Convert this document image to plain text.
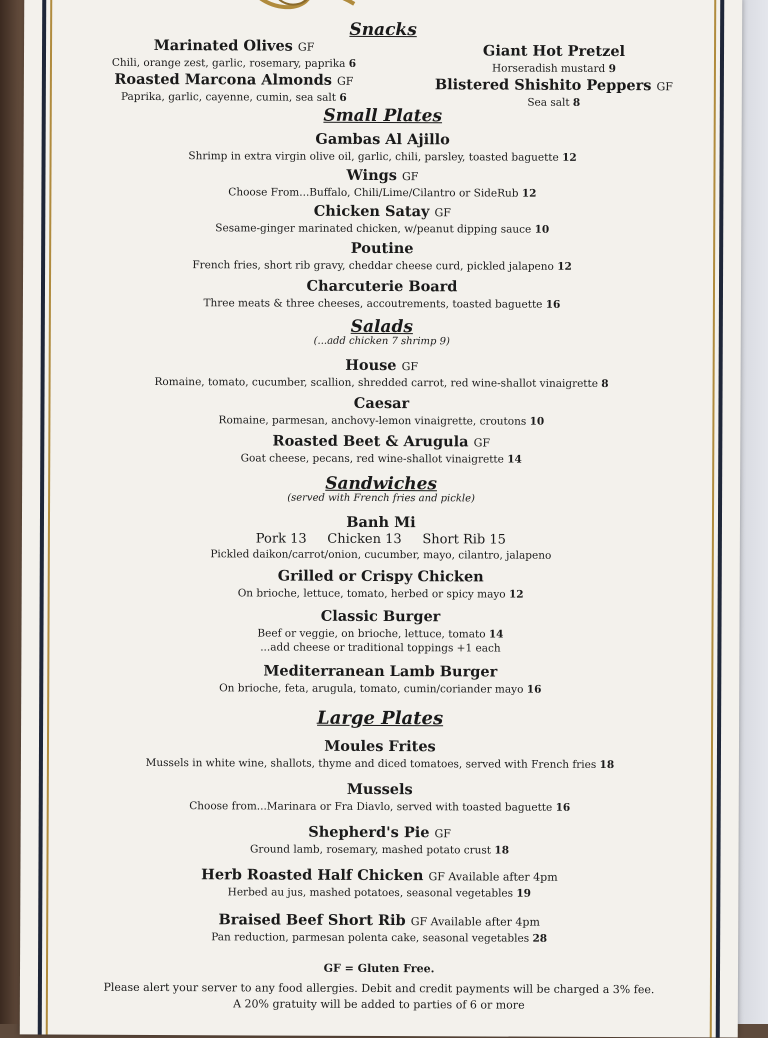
Snacks
Marinated Olives GF
Chili, orange zest, garlic, rosemary, paprika 6
Giant Hot Pretzel
Horseradish mustard 9
Roasted Marcona Almonds GF
Paprika, garlic, cayenne, cumin, sea salt 6
Blistered Shishito Peppers GF
Sea salt 8
Small Plates
Gambas Al Ajillo
Shrimp in extra virgin olive oil, garlic, chili, parsley, toasted baguette 12
Wings GF
Choose From...Buffalo, Chili/Lime/Cilantro or SideRub 12
Chicken Satay GF
Sesame-ginger marinated chicken, w/peanut dipping sauce 10
Poutine
French fries, short rib gravy, cheddar cheese curd, pickled jalapeno 12
Charcuterie Board
Three meats & three cheeses, accoutrements, toasted baguette 16
Salads
(...add chicken 7 shrimp 9)
House GF
Romaine, tomato, cucumber, scallion, shredded carrot, red wine-shallot vinaigrette 8
Caesar
Romaine, parmesan, anchovy-lemon vinaigrette, croutons 10
Roasted Beet & Arugula GF
Goat cheese, pecans, red wine-shallot vinaigrette 14
Sandwiches
(served with French fries and pickle)
Banh Mi
Pork 13     Chicken 13     Short Rib 15
Pickled daikon/carrot/onion, cucumber, mayo, cilantro, jalapeno
Grilled or Crispy Chicken
On brioche, lettuce, tomato, herbed or spicy mayo 12
Classic Burger
Beef or veggie, on brioche, lettuce, tomato 14
...add cheese or traditional toppings +1 each
Mediterranean Lamb Burger
On brioche, feta, arugula, tomato, cumin/coriander mayo 16
Large Plates
Moules Frites
Mussels in white wine, shallots, thyme and diced tomatoes, served with French fries 18
Mussels
Choose from...Marinara or Fra Diavlo, served with toasted baguette 16
Shepherd's Pie GF
Ground lamb, rosemary, mashed potato crust 18
Herb Roasted Half Chicken GF Available after 4pm
Herbed au jus, mashed potatoes, seasonal vegetables 19
Braised Beef Short Rib GF Available after 4pm
Pan reduction, parmesan polenta cake, seasonal vegetables 28
GF = Gluten Free.
Please alert your server to any food allergies. Debit and credit payments will be charged a 3% fee.
A 20% gratuity will be added to parties of 6 or more
